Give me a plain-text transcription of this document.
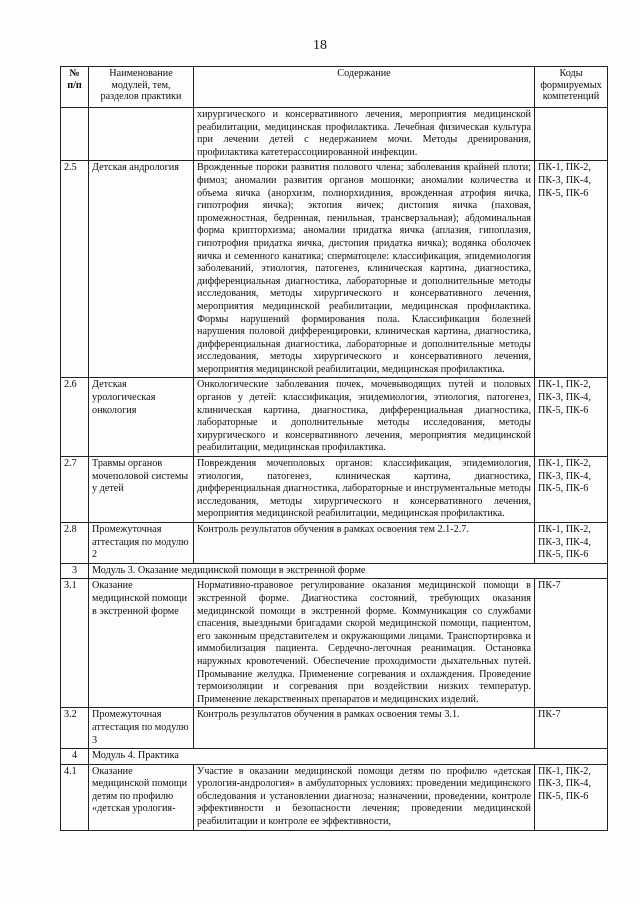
18
№
п/п	Наименование модулей, тем, разделов практики	Содержание	Коды формируемых компетенций
		хирургического и консервативного лечения, мероприятия медицинской реабилитации, медицинская профилактика. Лечебная физическая культура при лечении детей с недержанием мочи. Методы дренирования, профилактика катетерассоциированной инфекции.	
2.5	Детская андрология	Врожденные пороки развития полового члена; заболевания крайней плоти; фимоз; аномалии развития органов мошонки; аномалии количества и объема яичка (анорхизм, полиорхидиния, врожденная атрофия яичка, гипотрофия яичка); эктопия яичек; дистопия яичка (паховая, промежностная, бедренная, пенильная, трансверзальная); абдоминальная форма крипторхизма; аномалии придатка яичка (аплазия, гипоплазия, гипотрофия придатка яичка, дистопия придатка яичка); водянка оболочек яичка и семенного канатика; сперматоцеле: классификация, эпидемиология заболеваний, этиология, патогенез, клиническая картина, диагностика, дифференциальная диагностика, лабораторные и дополнительные методы исследования, методы хирургического и консервативного лечения, мероприятия медицинской реабилитации, медицинская профилактика. Формы нарушений формирования пола. Классификация болезней нарушения половой дифференцировки, клиническая картина, диагностика, дифференциальная диагностика, лабораторные и дополнительные методы исследования, методы хирургического и консервативного лечения, мероприятия медицинской реабилитации, медицинская профилактика.	ПК-1, ПК-2, ПК-3, ПК-4, ПК-5, ПК-6
2.6	Детская урологическая онкология	Онкологические заболевания почек, мочевыводящих путей и половых органов у детей: классификация, эпидемиология, этиология, патогенез, клиническая картина, диагностика, дифференциальная диагностика, лабораторные и дополнительные методы исследования, методы хирургического и консервативного лечения, мероприятия медицинской реабилитации, медицинская профилактика.	ПК-1, ПК-2, ПК-3, ПК-4, ПК-5, ПК-6
2.7	Травмы органов мочеполовой системы у детей	Повреждения мочеполовых органов: классификация, эпидемиология, этиология, патогенез, клиническая картина, диагностика, дифференциальная диагностика, лабораторные и инструментальные методы исследования, методы хирургического и консервативного лечения, мероприятия медицинской реабилитации, медицинская профилактика.	ПК-1, ПК-2, ПК-3, ПК-4, ПК-5, ПК-6
2.8	Промежуточная аттестация по модулю 2	Контроль результатов обучения в рамках освоения тем 2.1-2.7.	ПК-1, ПК-2, ПК-3, ПК-4, ПК-5, ПК-6
3	Модуль 3. Оказание медицинской помощи в экстренной форме		
3.1	Оказание медицинской помощи в экстренной форме	Нормативно-правовое регулирование оказания медицинской помощи в экстренной форме. Диагностика состояний, требующих оказания медицинской помощи в экстренной форме. Коммуникация со службами спасения, выездными бригадами скорой медицинской помощи, пациентом, его законным представителем и окружающими лицами. Транспортировка и иммобилизация пациента. Сердечно-легочная реанимация. Остановка наружных кровотечений. Обеспечение проходимости дыхательных путей. Промывание желудка. Применение согревания и охлаждения. Проведение термоизоляции и согревания при воздействии низких температур. Применение лекарственных препаратов и медицинских изделий.	ПК-7
3.2	Промежуточная аттестация по модулю 3	Контроль результатов обучения в рамках освоения темы 3.1.	ПК-7
4	Модуль 4. Практика		
4.1	Оказание медицинской помощи детям по профилю «детская урология-	Участие в оказании медицинской помощи детям по профилю «детская урология-андрология» в амбулаторных условиях: проведении медицинского обследования и установлении диагноза; назначении, проведении, контроле эффективности и безопасности лечения; проведении медицинской реабилитации и контроле ее эффективности,	ПК-1, ПК-2, ПК-3, ПК-4, ПК-5, ПК-6
